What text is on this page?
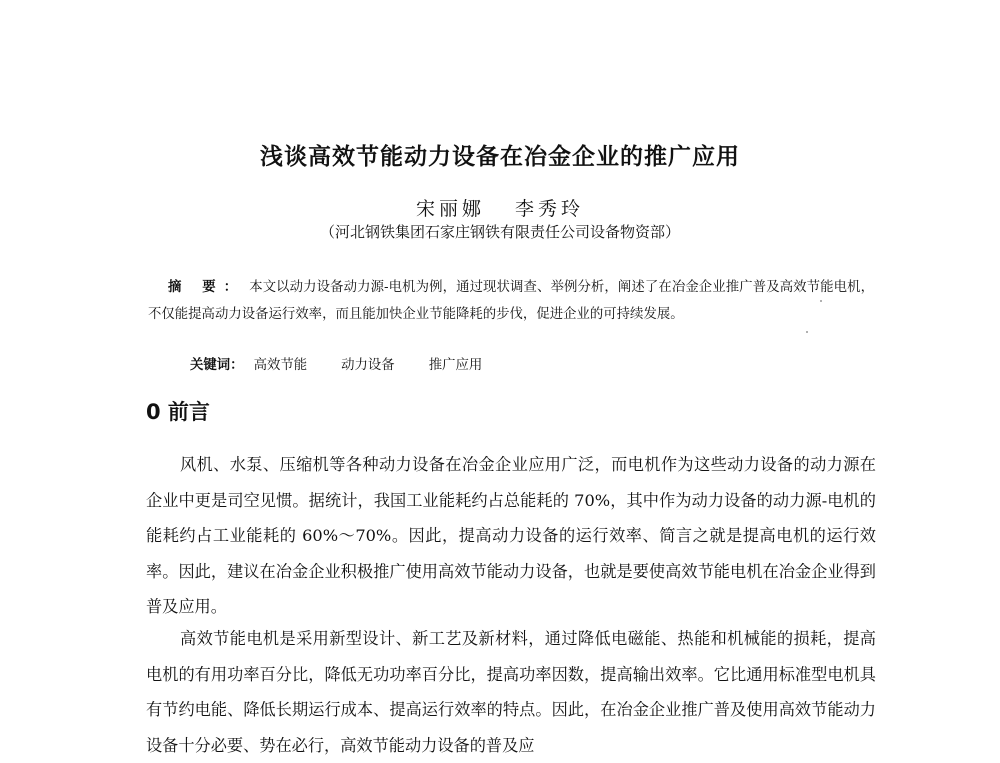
浅谈高效节能动力设备在冶金企业的推广应用
宋丽娜 李秀玲
（河北钢铁集团石家庄钢铁有限责任公司设备物资部）

摘 要： 本文以动力设备动力源-电机为例，通过现状调查、举例分析，阐述了在冶金企业推广普及高效节能电机，不仅能提高动力设备运行效率，而且能加快企业节能降耗的步伐，促进企业的可持续发展。

关键词： 高效节能	动力设备	推广应用

0 前言

风机、水泵、压缩机等各种动力设备在冶金企业应用广泛，而电机作为这些动力设备的动力源在企业中更是司空见惯。据统计，我国工业能耗约占总能耗的 70%，其中作为动力设备的动力源-电机的能耗约占工业能耗的 60%～70%。因此，提高动力设备的运行效率、简言之就是提高电机的运行效率。因此，建议在冶金企业积极推广使用高效节能动力设备，也就是要使高效节能电机在冶金企业得到普及应用。

高效节能电机是采用新型设计、新工艺及新材料，通过降低电磁能、热能和机械能的损耗，提高电机的有用功率百分比，降低无功功率百分比，提高功率因数，提高输出效率。它比通用标准型电机具有节约电能、降低长期运行成本、提高运行效率的特点。因此，在冶金企业推广普及使用高效节能动力设备十分必要、势在必行，高效节能动力设备的普及应
